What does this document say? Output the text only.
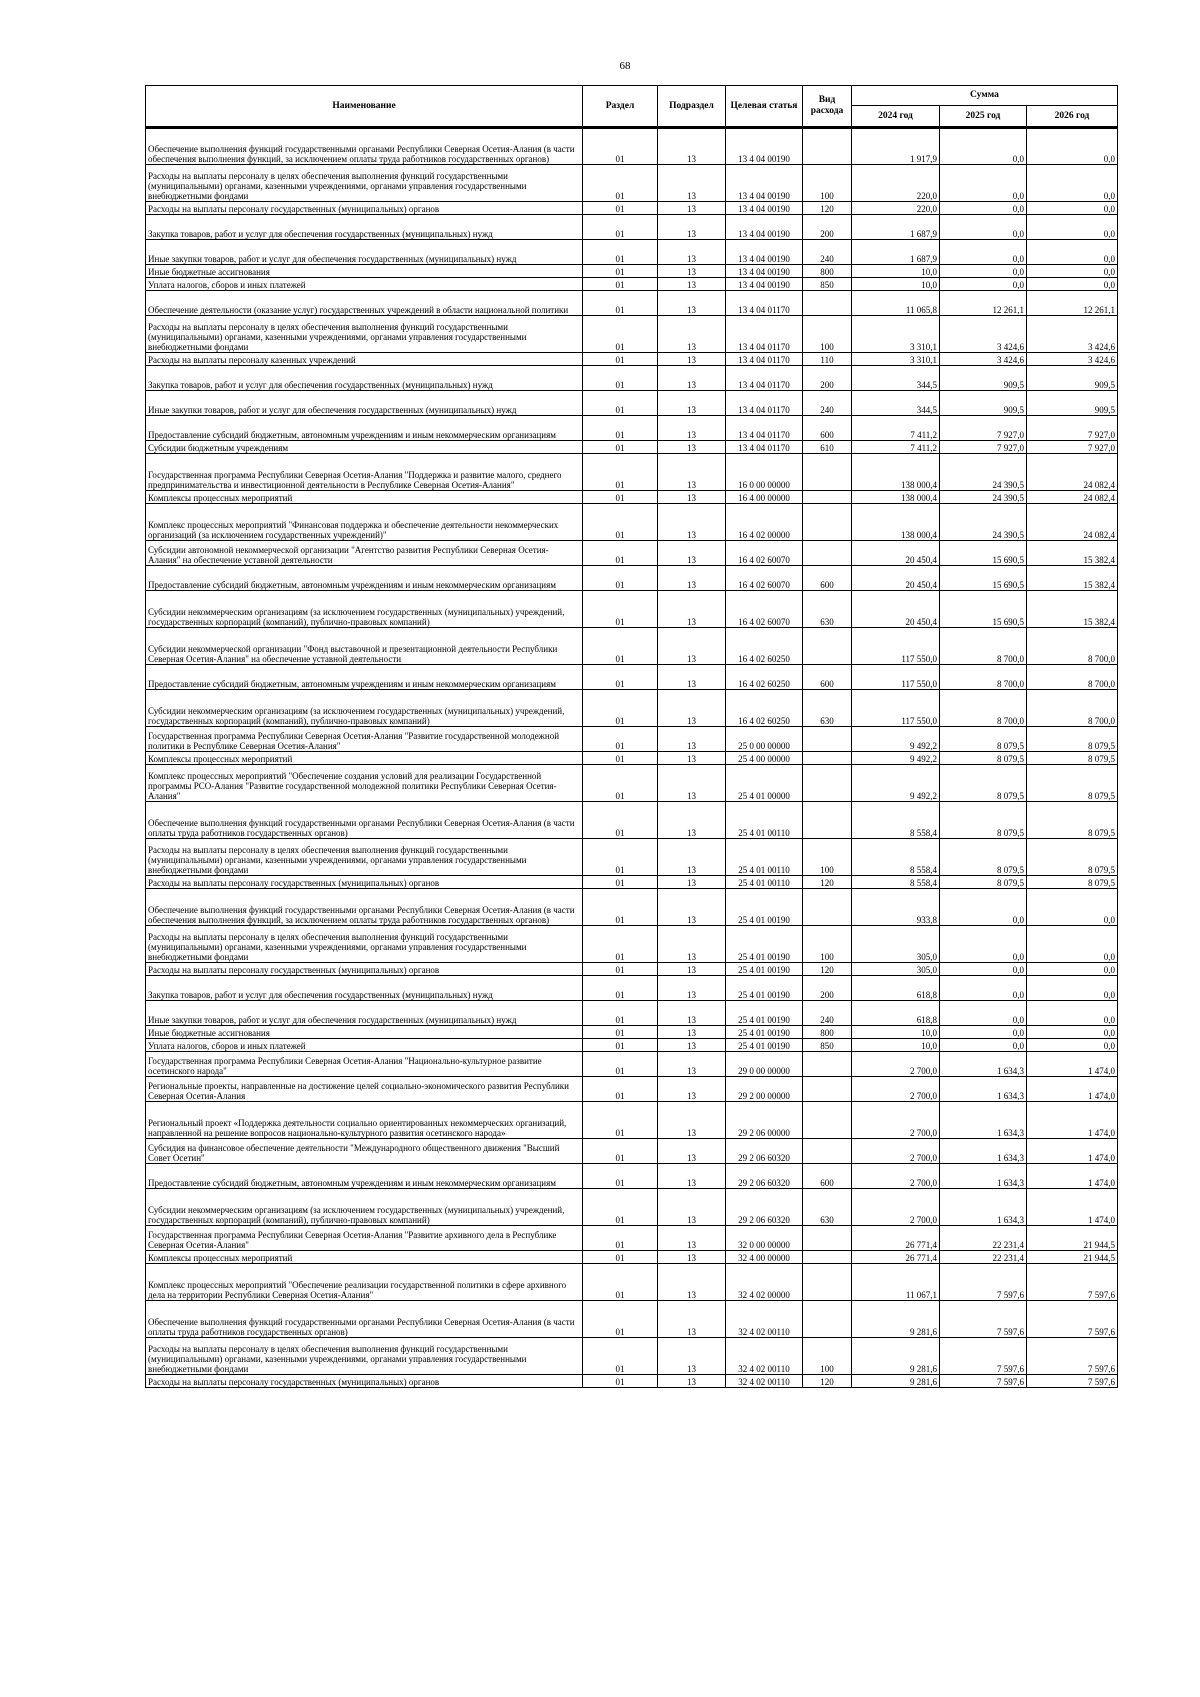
68
Наименование	Раздел	Подраздел	Целевая статья	Вид расхода	Сумма		
					2024 год	2025 год	2026 год
Обеспечение выполнения функций государственными органами Республики Северная Осетия-Алания (в части обеспечения выполнения функций, за исключением оплаты труда работников государственных органов)	01	13	13 4 04 00190		1 917,9	0,0	0,0
Расходы на выплаты персоналу в целях обеспечения выполнения функций государственными (муниципальными) органами, казенными учреждениями, органами управления государственными внебюджетными фондами	01	13	13 4 04 00190	100	220,0	0,0	0,0
Расходы на выплаты персоналу государственных (муниципальных) органов	01	13	13 4 04 00190	120	220,0	0,0	0,0
Закупка товаров, работ и услуг для обеспечения государственных (муниципальных) нужд	01	13	13 4 04 00190	200	1 687,9	0,0	0,0
Иные закупки товаров, работ и услуг для обеспечения государственных (муниципальных) нужд	01	13	13 4 04 00190	240	1 687,9	0,0	0,0
Иные бюджетные ассигнования	01	13	13 4 04 00190	800	10,0	0,0	0,0
Уплата налогов, сборов и иных платежей	01	13	13 4 04 00190	850	10,0	0,0	0,0
Обеспечение деятельности (оказание услуг) государственных учреждений в области национальной политики	01	13	13 4 04 01170		11 065,8	12 261,1	12 261,1
Расходы на выплаты персоналу в целях обеспечения выполнения функций государственными (муниципальными) органами, казенными учреждениями, органами управления государственными внебюджетными фондами	01	13	13 4 04 01170	100	3 310,1	3 424,6	3 424,6
Расходы на выплаты персоналу казенных учреждений	01	13	13 4 04 01170	110	3 310,1	3 424,6	3 424,6
Закупка товаров, работ и услуг для обеспечения государственных (муниципальных) нужд	01	13	13 4 04 01170	200	344,5	909,5	909,5
Иные закупки товаров, работ и услуг для обеспечения государственных (муниципальных) нужд	01	13	13 4 04 01170	240	344,5	909,5	909,5
Предоставление субсидий бюджетным, автономным учреждениям и иным некоммерческим организациям	01	13	13 4 04 01170	600	7 411,2	7 927,0	7 927,0
Субсидии бюджетным учреждениям	01	13	13 4 04 01170	610	7 411,2	7 927,0	7 927,0
Государственная программа Республики Северная Осетия-Алания "Поддержка и развитие малого, среднего предпринимательства и инвестиционной деятельности в Республике Северная Осетия-Алания"	01	13	16 0 00 00000		138 000,4	24 390,5	24 082,4
Комплексы процессных мероприятий	01	13	16 4 00 00000		138 000,4	24 390,5	24 082,4
Комплекс процессных мероприятий "Финансовая поддержка и обеспечение деятельности некоммерческих организаций (за исключением государственных учреждений)"	01	13	16 4 02 00000		138 000,4	24 390,5	24 082,4
Субсидии автономной некоммерческой организации "Агентство развития Республики Северная Осетия-Алания" на обеспечение уставной деятельности	01	13	16 4 02 60070		20 450,4	15 690,5	15 382,4
Предоставление субсидий бюджетным, автономным учреждениям и иным некоммерческим организациям	01	13	16 4 02 60070	600	20 450,4	15 690,5	15 382,4
Субсидии некоммерческим организациям (за исключением государственных (муниципальных) учреждений, государственных корпораций (компаний), публично-правовых компаний)	01	13	16 4 02 60070	630	20 450,4	15 690,5	15 382,4
Субсидии некоммерческой организации "Фонд выставочной и презентационной деятельности Республики Северная Осетия-Алания" на обеспечение уставной деятельности	01	13	16 4 02 60250		117 550,0	8 700,0	8 700,0
Предоставление субсидий бюджетным, автономным учреждениям и иным некоммерческим организациям	01	13	16 4 02 60250	600	117 550,0	8 700,0	8 700,0
Субсидии некоммерческим организациям (за исключением государственных (муниципальных) учреждений, государственных корпораций (компаний), публично-правовых компаний)	01	13	16 4 02 60250	630	117 550,0	8 700,0	8 700,0
Государственная программа Республики Северная Осетия-Алания "Развитие государственной молодежной политики в Республике Северная Осетия-Алания"	01	13	25 0 00 00000		9 492,2	8 079,5	8 079,5
Комплексы процессных мероприятий	01	13	25 4 00 00000		9 492,2	8 079,5	8 079,5
Комплекс процессных мероприятий "Обеспечение создания условий для реализации Государственной программы РСО-Алания "Развитие государственной молодежной политики Республики Северная Осетия-Алания"	01	13	25 4 01 00000		9 492,2	8 079,5	8 079,5
Обеспечение выполнения функций государственными органами Республики Северная Осетия-Алания (в части оплаты труда работников государственных органов)	01	13	25 4 01 00110		8 558,4	8 079,5	8 079,5
Расходы на выплаты персоналу в целях обеспечения выполнения функций государственными (муниципальными) органами, казенными учреждениями, органами управления государственными внебюджетными фондами	01	13	25 4 01 00110	100	8 558,4	8 079,5	8 079,5
Расходы на выплаты персоналу государственных (муниципальных) органов	01	13	25 4 01 00110	120	8 558,4	8 079,5	8 079,5
Обеспечение выполнения функций государственными органами Республики Северная Осетия-Алания (в части обеспечения выполнения функций, за исключением оплаты труда работников государственных органов)	01	13	25 4 01 00190		933,8	0,0	0,0
Расходы на выплаты персоналу в целях обеспечения выполнения функций государственными (муниципальными) органами, казенными учреждениями, органами управления государственными внебюджетными фондами	01	13	25 4 01 00190	100	305,0	0,0	0,0
Расходы на выплаты персоналу государственных (муниципальных) органов	01	13	25 4 01 00190	120	305,0	0,0	0,0
Закупка товаров, работ и услуг для обеспечения государственных (муниципальных) нужд	01	13	25 4 01 00190	200	618,8	0,0	0,0
Иные закупки товаров, работ и услуг для обеспечения государственных (муниципальных) нужд	01	13	25 4 01 00190	240	618,8	0,0	0,0
Иные бюджетные ассигнования	01	13	25 4 01 00190	800	10,0	0,0	0,0
Уплата налогов, сборов и иных платежей	01	13	25 4 01 00190	850	10,0	0,0	0,0
Государственная программа Республики Северная Осетия-Алания "Национально-культурное развитие осетинского народа"	01	13	29 0 00 00000		2 700,0	1 634,3	1 474,0
Региональные проекты, направленные на достижение целей социально-экономического развития Республики Северная Осетия-Алания	01	13	29 2 00 00000		2 700,0	1 634,3	1 474,0
Региональный проект «Поддержка деятельности социально ориентированных некоммерческих организаций, направленной на решение вопросов национально-культурного развития осетинского народа»	01	13	29 2 06 00000		2 700,0	1 634,3	1 474,0
Субсидия на финансовое обеспечение деятельности "Международного общественного движения "Высший Совет Осетин"	01	13	29 2 06 60320		2 700,0	1 634,3	1 474,0
Предоставление субсидий бюджетным, автономным учреждениям и иным некоммерческим организациям	01	13	29 2 06 60320	600	2 700,0	1 634,3	1 474,0
Субсидии некоммерческим организациям (за исключением государственных (муниципальных) учреждений, государственных корпораций (компаний), публично-правовых компаний)	01	13	29 2 06 60320	630	2 700,0	1 634,3	1 474,0
Государственная программа Республики Северная Осетия-Алания "Развитие архивного дела в Республике Северная Осетия-Алания"	01	13	32 0 00 00000		26 771,4	22 231,4	21 944,5
Комплексы процессных мероприятий	01	13	32 4 00 00000		26 771,4	22 231,4	21 944,5
Комплекс процессных мероприятий "Обеспечение реализации государственной политики в сфере архивного дела на территории Республики Северная Осетия-Алания"	01	13	32 4 02 00000		11 067,1	7 597,6	7 597,6
Обеспечение выполнения функций государственными органами Республики Северная Осетия-Алания (в части оплаты труда работников государственных органов)	01	13	32 4 02 00110		9 281,6	7 597,6	7 597,6
Расходы на выплаты персоналу в целях обеспечения выполнения функций государственными (муниципальными) органами, казенными учреждениями, органами управления государственными внебюджетными фондами	01	13	32 4 02 00110	100	9 281,6	7 597,6	7 597,6
Расходы на выплаты персоналу государственных (муниципальных) органов	01	13	32 4 02 00110	120	9 281,6	7 597,6	7 597,6
